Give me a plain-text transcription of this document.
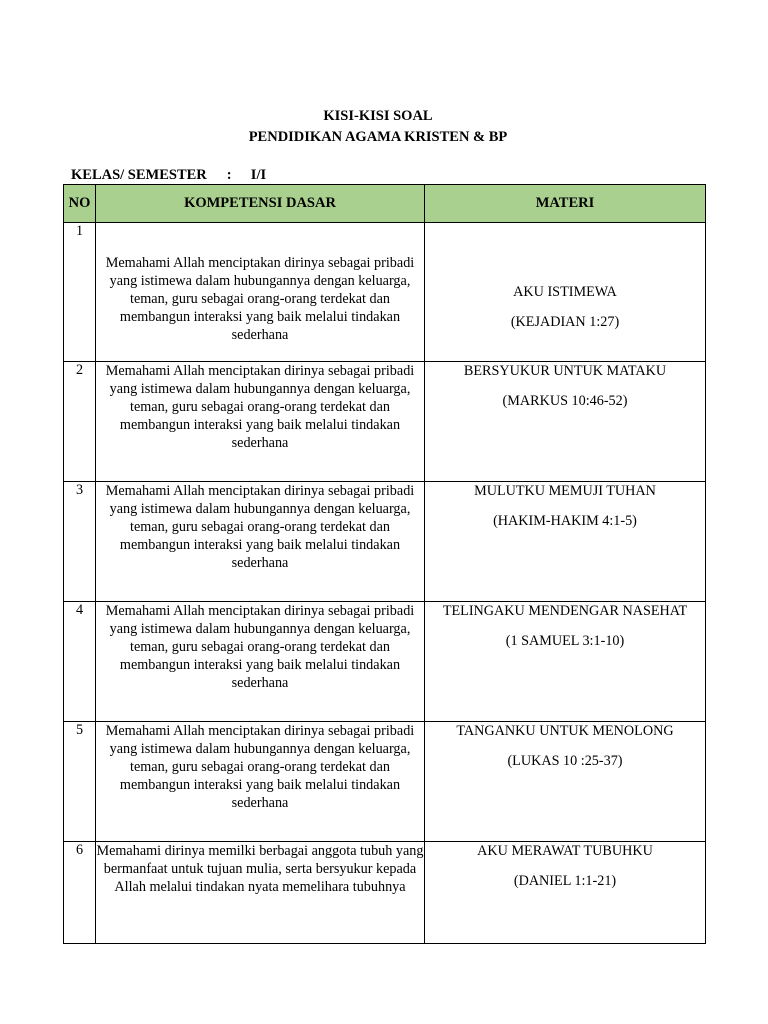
KISI-KISI SOAL
PENDIDIKAN AGAMA KRISTEN & BP
KELAS/ SEMESTER : I/I
NO	KOMPETENSI DASAR	MATERI
1	Memahami Allah menciptakan dirinya sebagai pribadi yang istimewa dalam hubungannya dengan keluarga, teman, guru sebagai orang-orang terdekat dan membangun interaksi yang baik melalui tindakan sederhana	AKU ISTIMEWA
(KEJADIAN 1:27)

2	Memahami Allah menciptakan dirinya sebagai pribadi yang istimewa dalam hubungannya dengan keluarga, teman, guru sebagai orang-orang terdekat dan membangun interaksi yang baik melalui tindakan sederhana	BERSYUKUR UNTUK MATAKU
(MARKUS 10:46-52)

3	Memahami Allah menciptakan dirinya sebagai pribadi yang istimewa dalam hubungannya dengan keluarga, teman, guru sebagai orang-orang terdekat dan membangun interaksi yang baik melalui tindakan sederhana	MULUTKU MEMUJI TUHAN
(HAKIM-HAKIM 4:1-5)

4	Memahami Allah menciptakan dirinya sebagai pribadi yang istimewa dalam hubungannya dengan keluarga, teman, guru sebagai orang-orang terdekat dan membangun interaksi yang baik melalui tindakan sederhana	TELINGAKU MENDENGAR NASEHAT
(1 SAMUEL 3:1-10)

5	Memahami Allah menciptakan dirinya sebagai pribadi yang istimewa dalam hubungannya dengan keluarga, teman, guru sebagai orang-orang terdekat dan membangun interaksi yang baik melalui tindakan sederhana	TANGANKU UNTUK MENOLONG
(LUKAS 10 :25-37)

6	Memahami dirinya memilki berbagai anggota tubuh yang bermanfaat untuk tujuan mulia, serta bersyukur kepada Allah melalui tindakan nyata memelihara tubuhnya	AKU MERAWAT TUBUHKU
(DANIEL 1:1-21)
